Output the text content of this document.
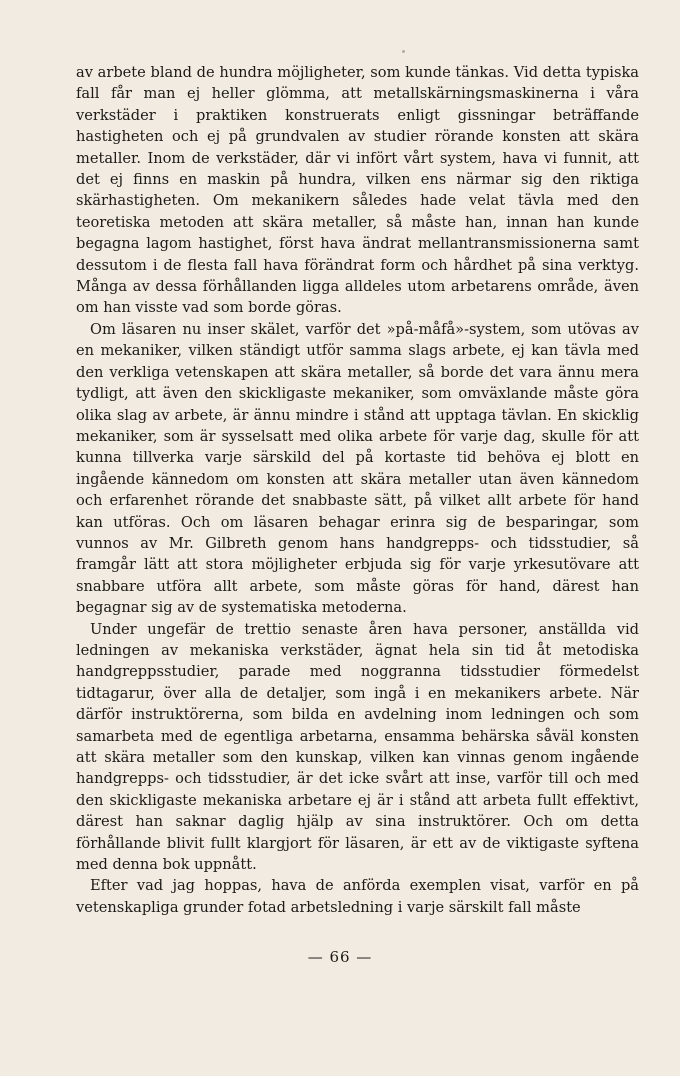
av arbete bland de hundra möjligheter, som kunde tänkas. Vid detta typiska fall får man ej heller glömma, att metallskärningsmaskinerna i våra verkstäder i praktiken konstruerats enligt gissningar beträffande hastigheten och ej på grundvalen av studier rörande konsten att skära metaller. Inom de verkstäder, där vi infört vårt system, hava vi funnit, att det ej finns en maskin på hundra, vilken ens närmar sig den riktiga skärhastigheten. Om mekanikern således hade velat tävla med den teoretiska metoden att skära metaller, så måste han, innan han kunde begagna lagom hastighet, först hava ändrat mellantransmissionerna samt dessutom i de flesta fall hava förändrat form och hårdhet på sina verktyg. Många av dessa förhållanden ligga alldeles utom arbetarens område, även om han visste vad som borde göras.

Om läsaren nu inser skälet, varför det »på-måfå»-system, som utövas av en mekaniker, vilken ständigt utför samma slags arbete, ej kan tävla med den verkliga vetenskapen att skära metaller, så borde det vara ännu mera tydligt, att även den skickligaste mekaniker, som omväxlande måste göra olika slag av arbete, är ännu mindre i stånd att upptaga tävlan. En skicklig mekaniker, som är sysselsatt med olika arbete för varje dag, skulle för att kunna tillverka varje särskild del på kortaste tid behöva ej blott en ingående kännedom om konsten att skära metaller utan även kännedom och erfarenhet rörande det snabbaste sätt, på vilket allt arbete för hand kan utföras. Och om läsaren behagar erinra sig de besparingar, som vunnos av Mr. Gilbreth genom hans handgrepps- och tidsstudier, så framgår lätt att stora möjligheter erbjuda sig för varje yrkesutövare att snabbare utföra allt arbete, som måste göras för hand, därest han begagnar sig av de systematiska metoderna.

Under ungefär de trettio senaste åren hava personer, anställda vid ledningen av mekaniska verkstäder, ägnat hela sin tid åt metodiska handgreppsstudier, parade med noggranna tidsstudier förmedelst tidtagarur, över alla de detaljer, som ingå i en mekanikers arbete. När därför instruktörerna, som bilda en avdelning inom ledningen och som samarbeta med de egentliga arbetarna, ensamma behärska såväl konsten att skära metaller som den kunskap, vilken kan vinnas genom ingående handgrepps- och tidsstudier, är det icke svårt att inse, varför till och med den skickligaste mekaniska arbetare ej är i stånd att arbeta fullt effektivt, därest han saknar daglig hjälp av sina instruktörer. Och om detta förhållande blivit fullt klargjort för läsaren, är ett av de viktigaste syftena med denna bok uppnått.

Efter vad jag hoppas, hava de anförda exemplen visat, varför en på vetenskapliga grunder fotad arbetsledning i varje särskilt fall måste

— 66 —
